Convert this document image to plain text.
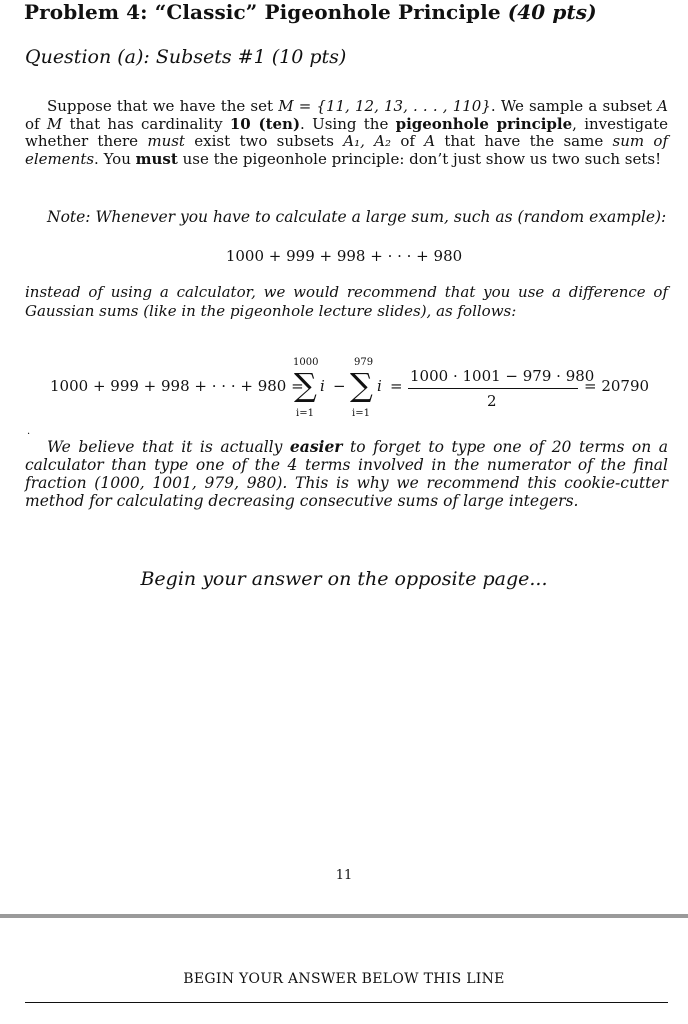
Problem 4: “Classic” Pigeonhole Principle (40 pts)
Question (a): Subsets #1 (10 pts)
Suppose that we have the set M = {11, 12, 13, . . . , 110}. We sample a subset A of M that has cardinality 10 (ten). Using the pigeonhole principle, investigate whether there must exist two subsets A₁, A₂ of A that have the same sum of elements. You must use the pigeonhole principle: don’t just show us two such sets!
Note: Whenever you have to calculate a large sum, such as (random example):
1000 + 999 + 998 + · · · + 980
instead of using a calculator, we would recommend that you use a difference of Gaussian sums (like in the pigeonhole lecture slides), as follows:
1000 + 999 + 998 + · · · + 980 =
1000
∑
i=1
i −
979
∑
i=1
i =
1000 · 1001 − 979 · 980
2
= 20790
·
We believe that it is actually easier to forget to type one of 20 terms on a calculator than type one of the 4 terms involved in the numerator of the final fraction (1000, 1001, 979, 980). This is why we recommend this cookie-cutter method for calculating decreasing consecutive sums of large integers.
Begin your answer on the opposite page...
11
BEGIN YOUR ANSWER BELOW THIS LINE
